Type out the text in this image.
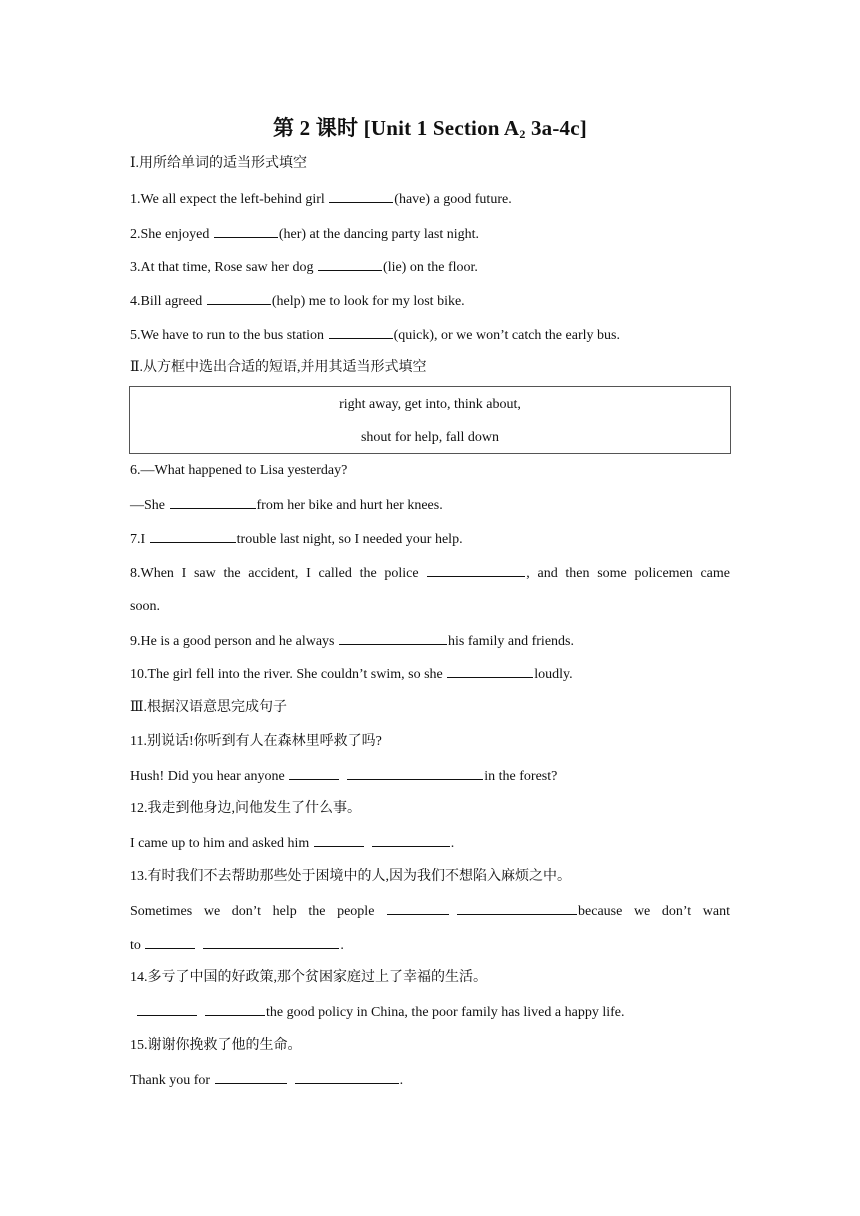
第 2 课时 [Unit 1 Section $A_2$ 3a-4c]
Ⅰ.用所给单词的适当形式填空
1.We all expect the left-behind girl	(have) a good future.
2.She enjoyed	(her) at the dancing party last night.
3.At that time, Rose saw her dog	(lie) on the floor.
4.Bill agreed	(help) me to look for my lost bike.
5.We have to run to the bus station	(quick), or we won’t catch the early bus.
Ⅱ.从方框中选出合适的短语,并用其适当形式填空
right away, get into, think about,
shout for help, fall down
6.—What happened to Lisa yesterday?
—She	from her bike and hurt her knees.
7.I	trouble last night, so I needed your help.
8.When I saw the accident, I called the police	, and then some policemen came
soon.
9.He is a good person and he always	his family and friends.
10.The girl fell into the river. She couldn’t swim, so she	loudly.
Ⅲ.根据汉语意思完成句子
11.别说话!你听到有人在森林里呼救了吗?
Hush! Did you hear anyone	in the forest?
12.我走到他身边,问他发生了什么事。
I came up to him and asked him	.
13.有时我们不去帮助那些处于困境中的人,因为我们不想陷入麻烦之中。
Sometimes we don’t help the people	because we don’t want
to	.
14.多亏了中国的好政策,那个贫困家庭过上了幸福的生活。
the good policy in China, the poor family has lived a happy life.
15.谢谢你挽救了他的生命。
Thank you for	.
